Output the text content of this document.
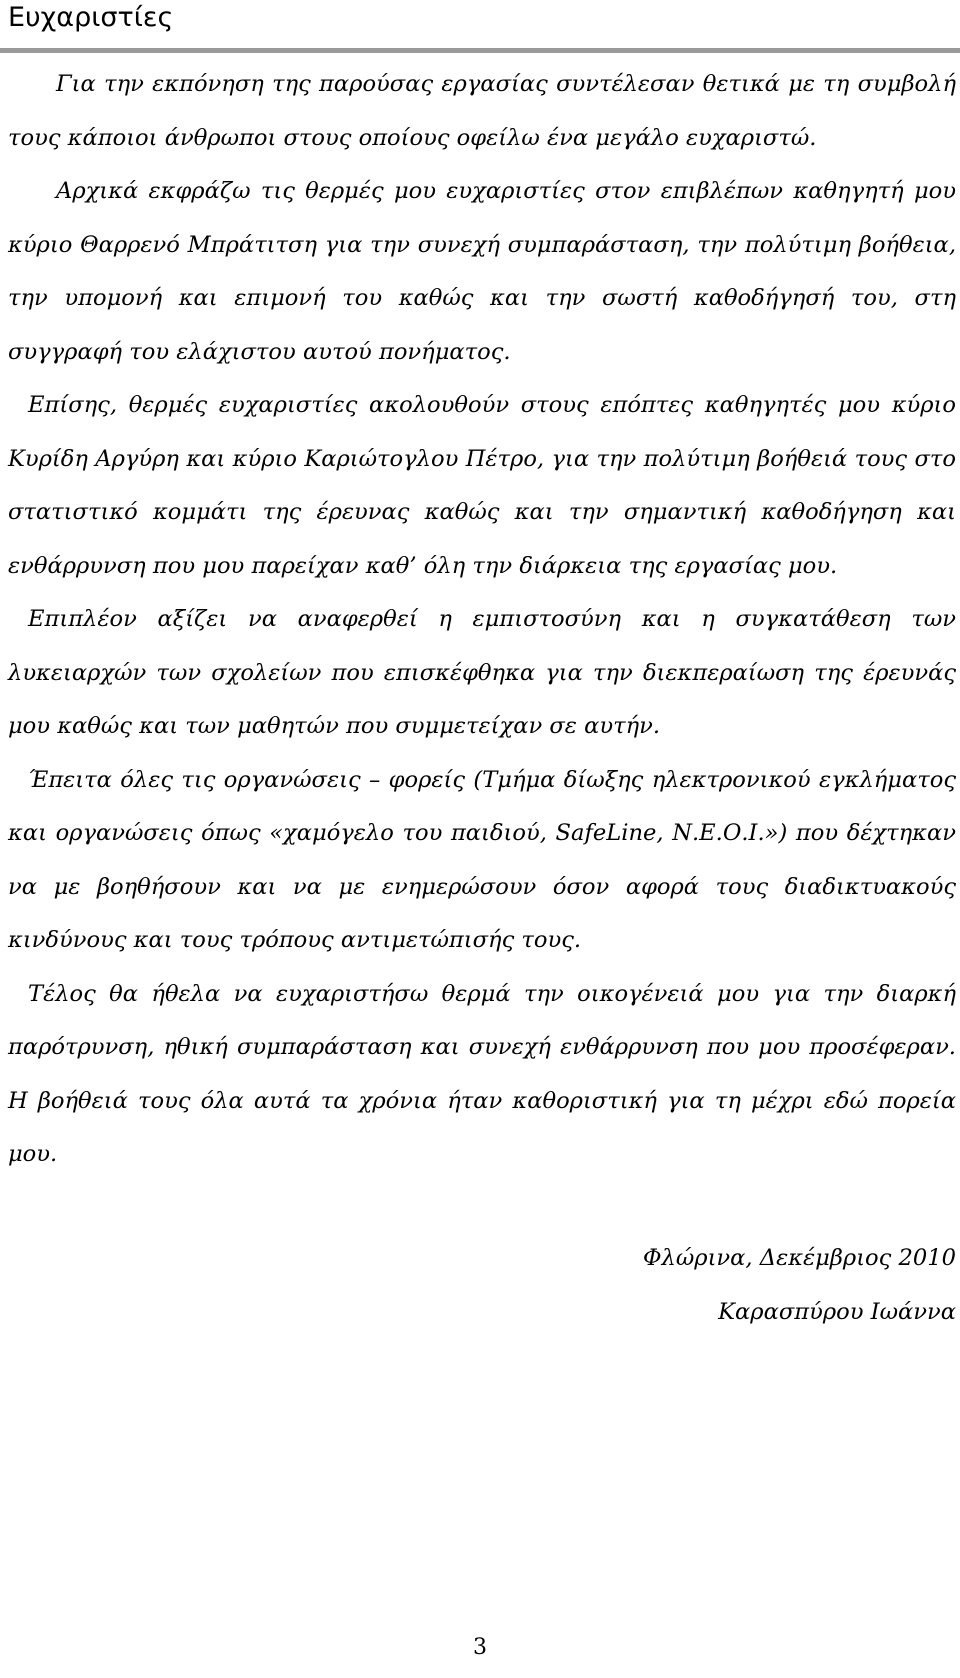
Ευχαριστίες

Για την εκπόνηση της παρούσας εργασίας συντέλεσαν θετικά με τη συμβολή τους κάποιοι άνθρωποι στους οποίους οφείλω ένα μεγάλο ευχαριστώ.

Αρχικά εκφράζω τις θερμές μου ευχαριστίες στον επιβλέπων καθηγητή μου κύριο Θαρρενό Μπράτιτση για την συνεχή συμπαράσταση, την πολύτιμη βοήθεια, την υπομονή και επιμονή του καθώς και την σωστή καθοδήγησή του, στη συγγραφή του ελάχιστου αυτού πονήματος.

Επίσης, θερμές ευχαριστίες ακολουθούν στους επόπτες καθηγητές μου κύριο Κυρίδη Αργύρη και κύριο Καριώτογλου Πέτρο, για την πολύτιμη βοήθειά τους στο στατιστικό κομμάτι της έρευνας καθώς και την σημαντική καθοδήγηση και ενθάρρυνση που μου παρείχαν καθ’ όλη την διάρκεια της εργασίας μου.

Επιπλέον αξίζει να αναφερθεί η εμπιστοσύνη και η συγκατάθεση των λυκειαρχών των σχολείων που επισκέφθηκα για την διεκπεραίωση της έρευνάς μου καθώς και των μαθητών που συμμετείχαν σε αυτήν.

Έπειτα όλες τις οργανώσεις – φορείς (Τμήμα δίωξης ηλεκτρονικού εγκλήματος και οργανώσεις όπως «χαμόγελο του παιδιού, SafeLine, Ν.Ε.Ο.Ι.») που δέχτηκαν να με βοηθήσουν και να με ενημερώσουν όσον αφορά τους διαδικτυακούς κινδύνους και τους τρόπους αντιμετώπισής τους.

Τέλος θα ήθελα να ευχαριστήσω θερμά την οικογένειά μου για την διαρκή παρότρυνση, ηθική συμπαράσταση και συνεχή ενθάρρυνση που μου προσέφεραν. Η βοήθειά τους όλα αυτά τα χρόνια ήταν καθοριστική για τη μέχρι εδώ πορεία μου.

Φλώρινα, Δεκέμβριος 2010
Καρασπύρου Ιωάννα
3
